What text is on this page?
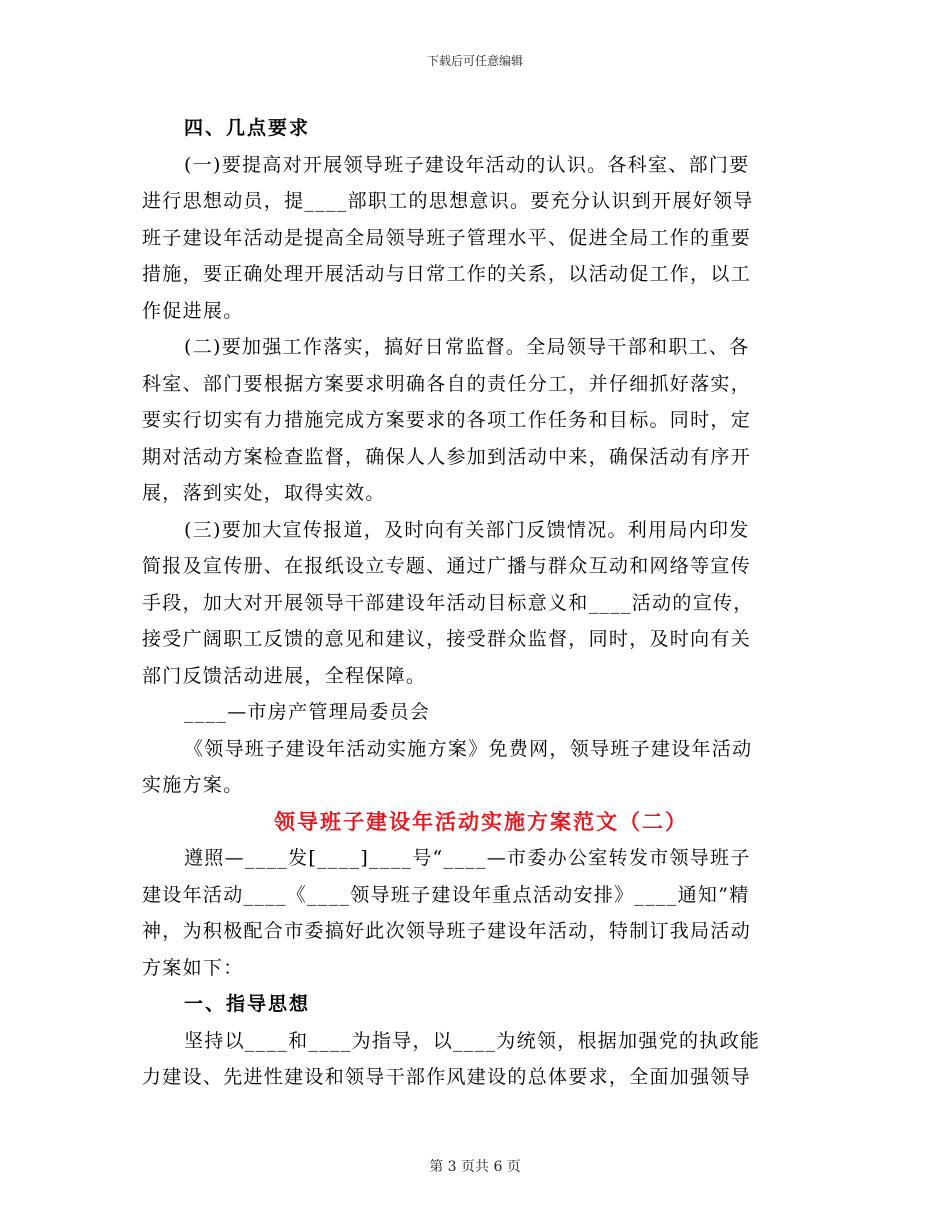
下载后可任意编辑
四、几点要求
(一)要提高对开展领导班子建设年活动的认识。各科室、部门要
进行思想动员，提____部职工的思想意识。要充分认识到开展好领导
班子建设年活动是提高全局领导班子管理水平、促进全局工作的重要
措施，要正确处理开展活动与日常工作的关系，以活动促工作，以工
作促进展。
(二)要加强工作落实，搞好日常监督。全局领导干部和职工、各
科室、部门要根据方案要求明确各自的责任分工，并仔细抓好落实，
要实行切实有力措施完成方案要求的各项工作任务和目标。同时，定
期对活动方案检查监督，确保人人参加到活动中来，确保活动有序开
展，落到实处，取得实效。
(三)要加大宣传报道，及时向有关部门反馈情况。利用局内印发
简报及宣传册、在报纸设立专题、通过广播与群众互动和网络等宣传
手段，加大对开展领导干部建设年活动目标意义和____活动的宣传，
接受广阔职工反馈的意见和建议，接受群众监督，同时，及时向有关
部门反馈活动进展，全程保障。
____—市房产管理局委员会
《领导班子建设年活动实施方案》免费网，领导班子建设年活动
实施方案。
领导班子建设年活动实施方案范文（二）
遵照—____发[____]____号“____—市委办公室转发市领导班子
建设年活动____《____领导班子建设年重点活动安排》____通知”精
神，为积极配合市委搞好此次领导班子建设年活动，特制订我局活动
方案如下：
一、指导思想
坚持以____和____为指导，以____为统领，根据加强党的执政能
力建设、先进性建设和领导干部作风建设的总体要求，全面加强领导
第 3 页共 6 页
